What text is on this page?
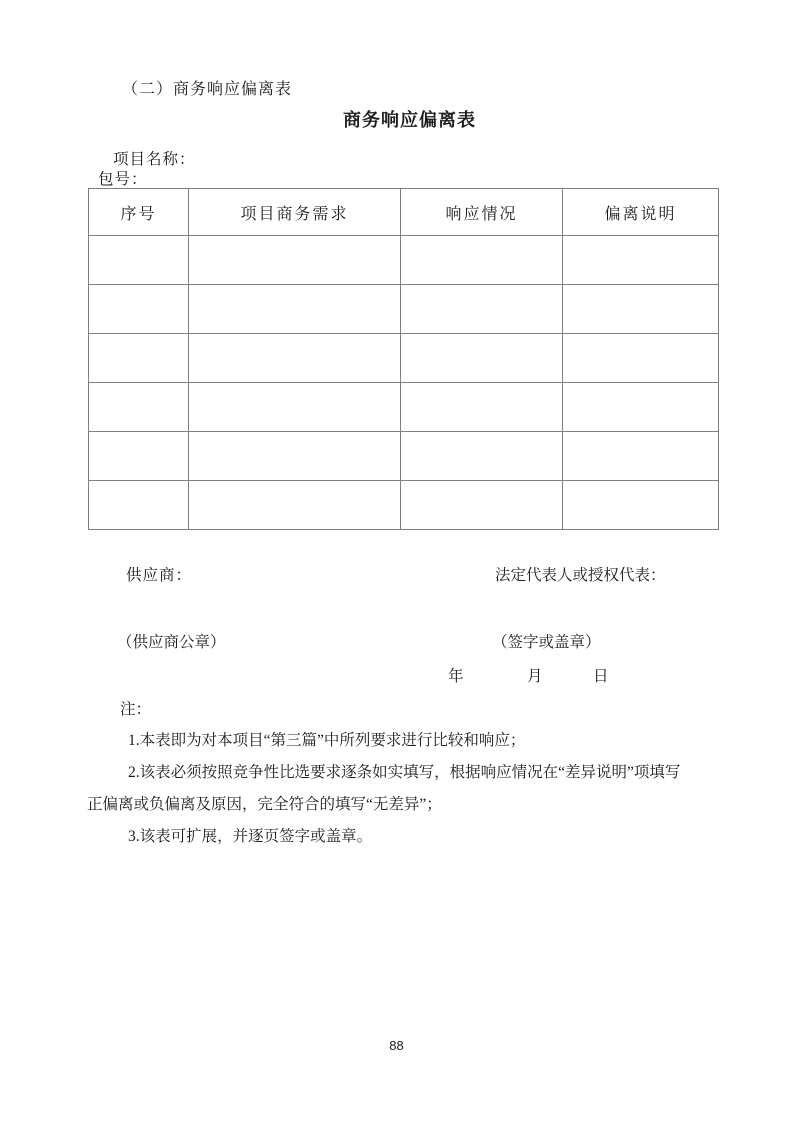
（二）商务响应偏离表
商务响应偏离表
项目名称：
包号：
序号	项目商务需求	响应情况	偏离说明

供应商：	法定代表人或授权代表：
（供应商公章）	（签字或盖章）
年	月	日
注：
1.本表即为对本项目“第三篇”中所列要求进行比较和响应；
2.该表必须按照竞争性比选要求逐条如实填写，根据响应情况在“差异说明”项填写
正偏离或负偏离及原因，完全符合的填写“无差异”；
3.该表可扩展，并逐页签字或盖章。
88
